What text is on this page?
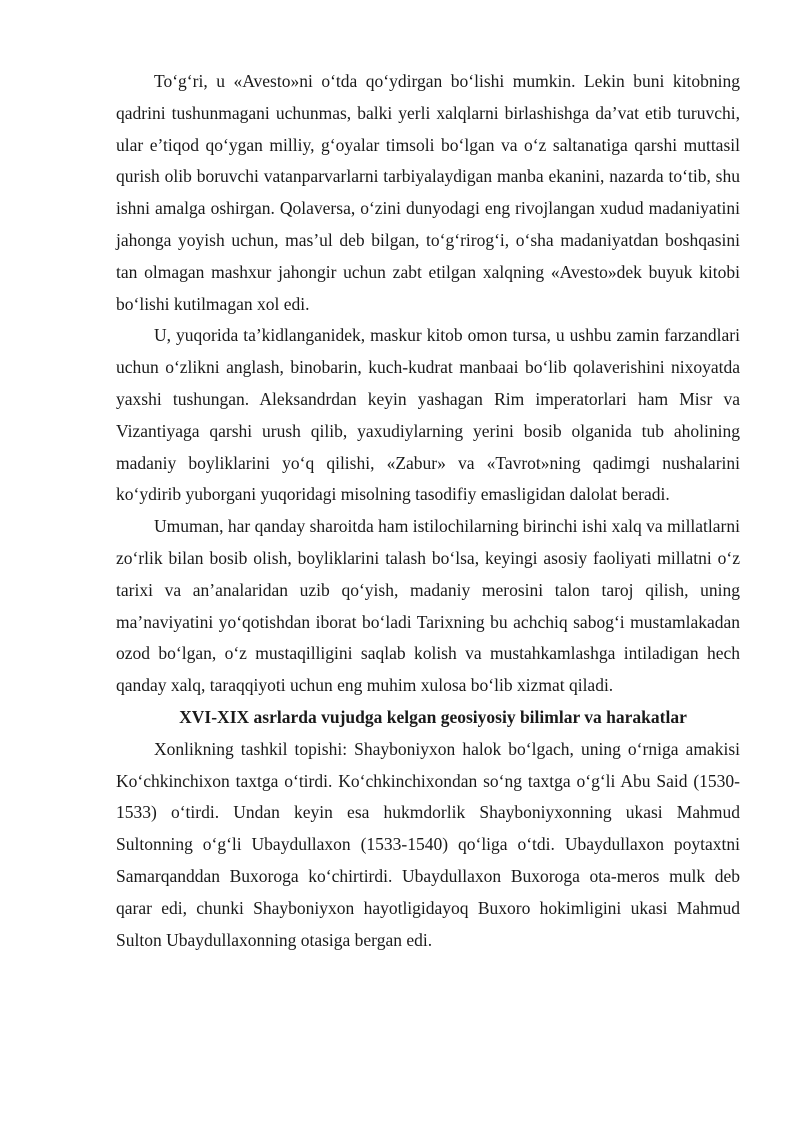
To‘g‘ri, u «Avesto»ni o‘tda qo‘ydirgan bo‘lishi mumkin. Lekin buni kitobning qadrini tushunmagani uchunmas, balki yerli xalqlarni birlashishga da’vat etib turuvchi, ular e’tiqod qo‘ygan milliy, g‘oyalar timsoli bo‘lgan va o‘z saltanatiga qarshi muttasil qurish olib boruvchi vatanparvarlarni tarbiyalaydigan manba ekanini, nazarda to‘tib, shu ishni amalga oshirgan. Qolaversa, o‘zini dunyodagi eng rivojlangan xudud madaniyatini jahonga yoyish uchun, mas’ul deb bilgan, to‘g‘rirog‘i, o‘sha madaniyatdan boshqasini tan olmagan mashxur jahongir uchun zabt etilgan xalqning «Avesto»dek buyuk kitobi bo‘lishi kutilmagan xol edi.

U, yuqorida ta’kidlanganidek, maskur kitob omon tursa, u ushbu zamin farzandlari uchun o‘zlikni anglash, binobarin, kuch-kudrat manbaai bo‘lib qolaverishini nixoyatda yaxshi tushungan. Aleksandrdan keyin yashagan Rim imperatorlari ham Misr va Vizantiyaga qarshi urush qilib, yaxudiylarning yerini bosib olganida tub aholining madaniy boyliklarini yo‘q qilishi, «Zabur» va «Tavrot»ning qadimgi nushalarini ko‘ydirib yuborgani yuqoridagi misolning tasodifiy emasligidan dalolat beradi.

Umuman, har qanday sharoitda ham istilochilarning birinchi ishi xalq va millatlarni zo‘rlik bilan bosib olish, boyliklarini talash bo‘lsa, keyingi asosiy faoliyati millatni o‘z tarixi va an’analaridan uzib qo‘yish, madaniy merosini talon taroj qilish, uning ma’naviyatini yo‘qotishdan iborat bo‘ladi Tarixning bu achchiq sabog‘i mustamlakadan ozod bo‘lgan, o‘z mustaqilligini saqlab kolish va mustahkamlashga intiladigan hech qanday xalq, taraqqiyoti uchun eng muhim xulosa bo‘lib xizmat qiladi.

XVI-XIX asrlarda vujudga kelgan geosiyosiy bilimlar va harakatlar

Xonlikning tashkil topishi: Shayboniyxon halok bo‘lgach, uning o‘rniga amakisi Ko‘chkinchixon taxtga o‘tirdi. Ko‘chkinchixondan so‘ng taxtga o‘g‘li Abu Said (1530-1533) o‘tirdi. Undan keyin esa hukmdorlik Shayboniyxonning ukasi Mahmud Sultonning o‘g‘li Ubaydullaxon (1533-1540) qo‘liga o‘tdi. Ubaydullaxon poytaxtni Samarqanddan Buxoroga ko‘chirtirdi. Ubaydullaxon Buxoroga ota-meros mulk deb qarar edi, chunki Shayboniyxon hayotligidayoq Buxoro hokimligini ukasi Mahmud Sulton Ubaydullaxonning otasiga bergan edi.
